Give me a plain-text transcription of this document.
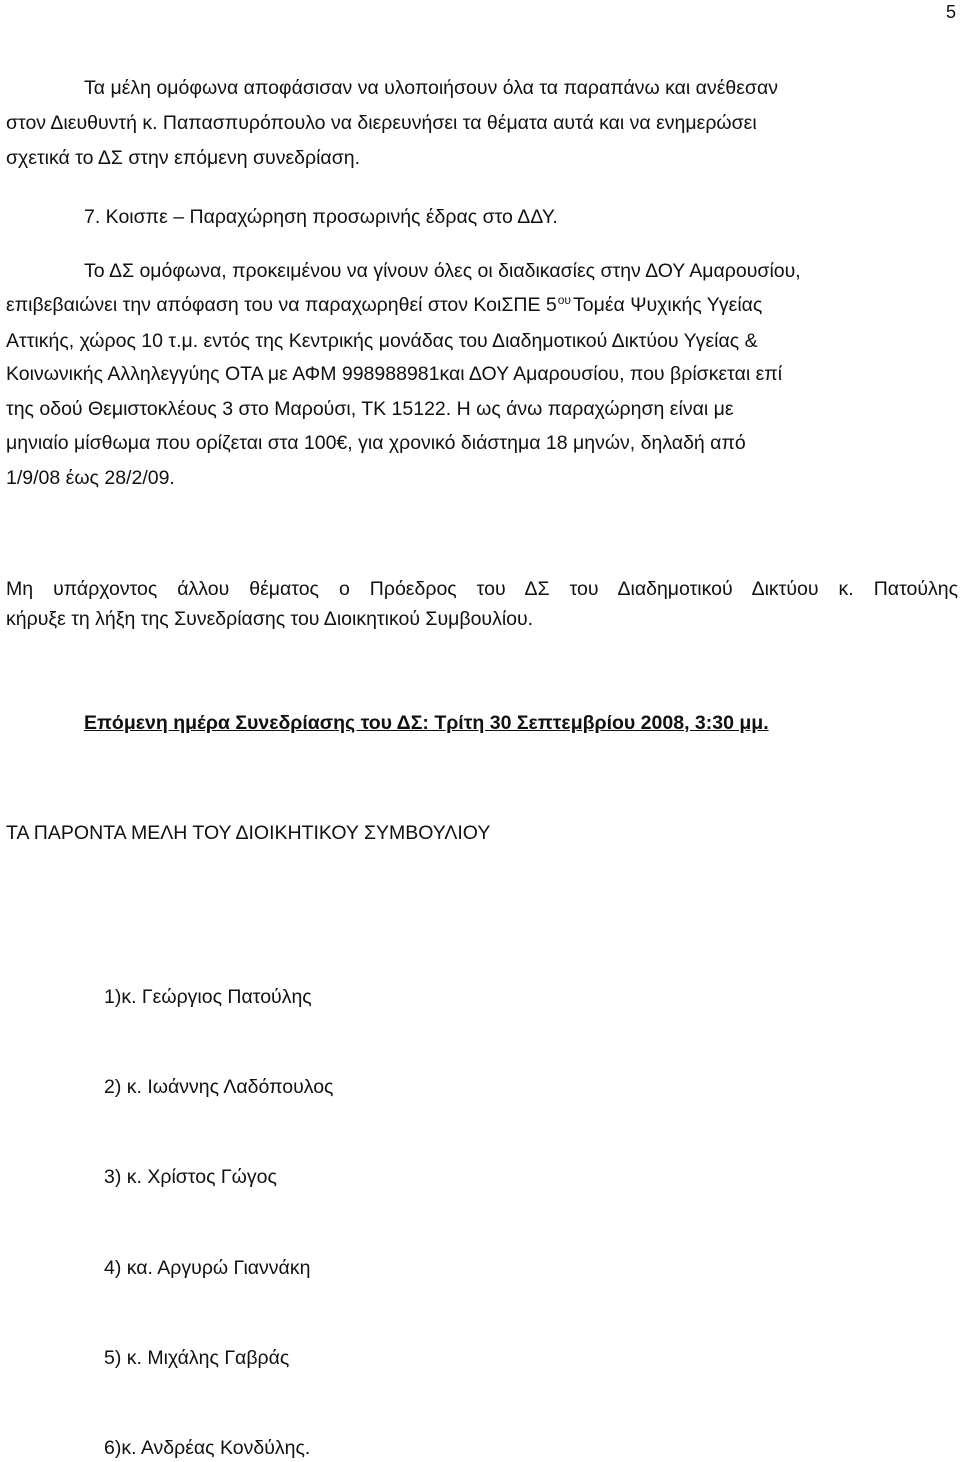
5
Τα μέλη ομόφωνα αποφάσισαν να υλοποιήσουν όλα τα παραπάνω και ανέθεσαν
στον Διευθυντή κ. Παπασπυρόπουλο να διερευνήσει τα θέματα αυτά και να ενημερώσει
σχετικά το ΔΣ στην επόμενη συνεδρίαση.
7. Κοισπε – Παραχώρηση προσωρινής έδρας στο ΔΔΥ.
Το ΔΣ ομόφωνα, προκειμένου να γίνουν όλες οι διαδικασίες στην ΔΟΥ Αμαρουσίου,
επιβεβαιώνει την απόφαση του να παραχωρηθεί στον ΚοιΣΠΕ $5^{o\upsilon}$ Τομέα Ψυχικής Υγείας
Αττικής, χώρος 10 τ.μ. εντός της Κεντρικής μονάδας του Διαδημοτικού Δικτύου Υγείας &
Κοινωνικής Αλληλεγγύης ΟΤΑ με ΑΦΜ 998988981και ΔΟΥ Αμαρουσίου, που βρίσκεται επί
της οδού Θεμιστοκλέους 3 στο Μαρούσι, ΤΚ 15122. Η ως άνω παραχώρηση είναι με
μηνιαίο μίσθωμα που ορίζεται στα 100€, για χρονικό διάστημα 18 μηνών, δηλαδή από
1/9/08 έως 28/2/09.
Μη υπάρχοντος άλλου θέματος ο Πρόεδρος του ΔΣ του Διαδημοτικού Δικτύου κ. Πατούλης
κήρυξε τη λήξη της Συνεδρίασης του Διοικητικού Συμβουλίου.
Επόμενη ημέρα Συνεδρίασης του ΔΣ: Τρίτη 30 Σεπτεμβρίου 2008, 3:30 μμ.
ΤΑ ΠΑΡΟΝΤΑ ΜΕΛΗ ΤΟΥ ΔΙΟΙΚΗΤΙΚΟΥ ΣΥΜΒΟΥΛΙΟΥ
1)κ. Γεώργιος Πατούλης
2) κ. Ιωάννης Λαδόπουλος
3) κ. Χρίστος Γώγος
4) κα. Αργυρώ Γιαννάκη
5) κ. Μιχάλης Γαβράς
6)κ. Ανδρέας Κονδύλης.
